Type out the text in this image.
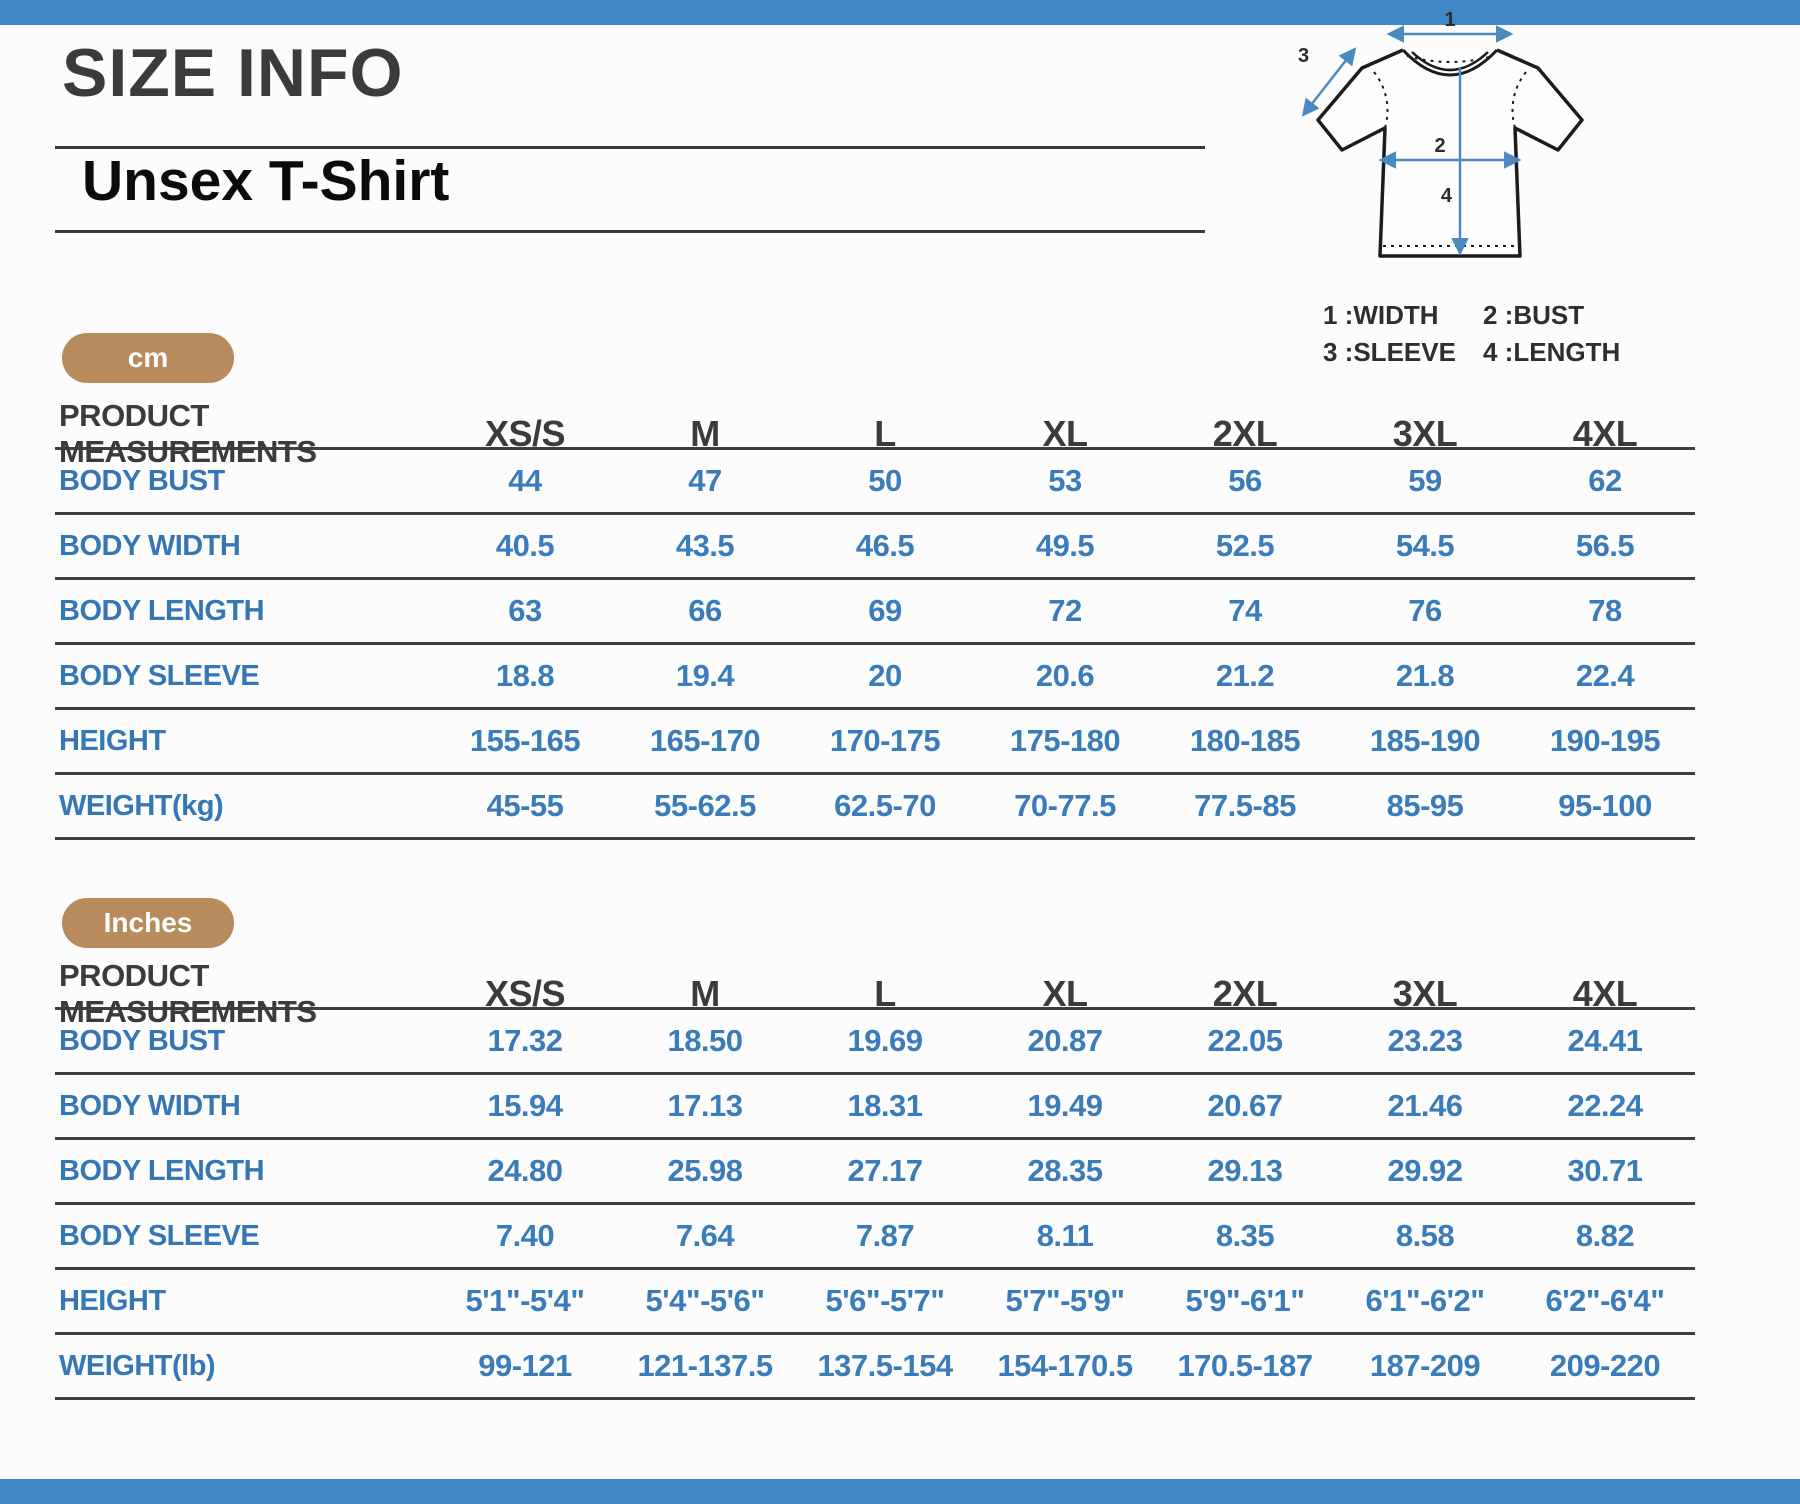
SIZE INFO
Unsex T-Shirt
1
3
2
4
1 :WIDTH	2 :BUST
3 :SLEEVE	4 :LENGTH
cm
PRODUCT MEASUREMENTS	XS/S	M	L	XL	2XL	3XL	4XL
BODY BUST	44	47	50	53	56	59	62
BODY WIDTH	40.5	43.5	46.5	49.5	52.5	54.5	56.5
BODY LENGTH	63	66	69	72	74	76	78
BODY SLEEVE	18.8	19.4	20	20.6	21.2	21.8	22.4
HEIGHT	155-165	165-170	170-175	175-180	180-185	185-190	190-195
WEIGHT(kg)	45-55	55-62.5	62.5-70	70-77.5	77.5-85	85-95	95-100
Inches
PRODUCT MEASUREMENTS	XS/S	M	L	XL	2XL	3XL	4XL
BODY BUST	17.32	18.50	19.69	20.87	22.05	23.23	24.41
BODY WIDTH	15.94	17.13	18.31	19.49	20.67	21.46	22.24
BODY LENGTH	24.80	25.98	27.17	28.35	29.13	29.92	30.71
BODY SLEEVE	7.40	7.64	7.87	8.11	8.35	8.58	8.82
HEIGHT	5'1"-5'4"	5'4"-5'6"	5'6"-5'7"	5'7"-5'9"	5'9"-6'1"	6'1"-6'2"	6'2"-6'4"
WEIGHT(lb)	99-121	121-137.5	137.5-154	154-170.5	170.5-187	187-209	209-220
